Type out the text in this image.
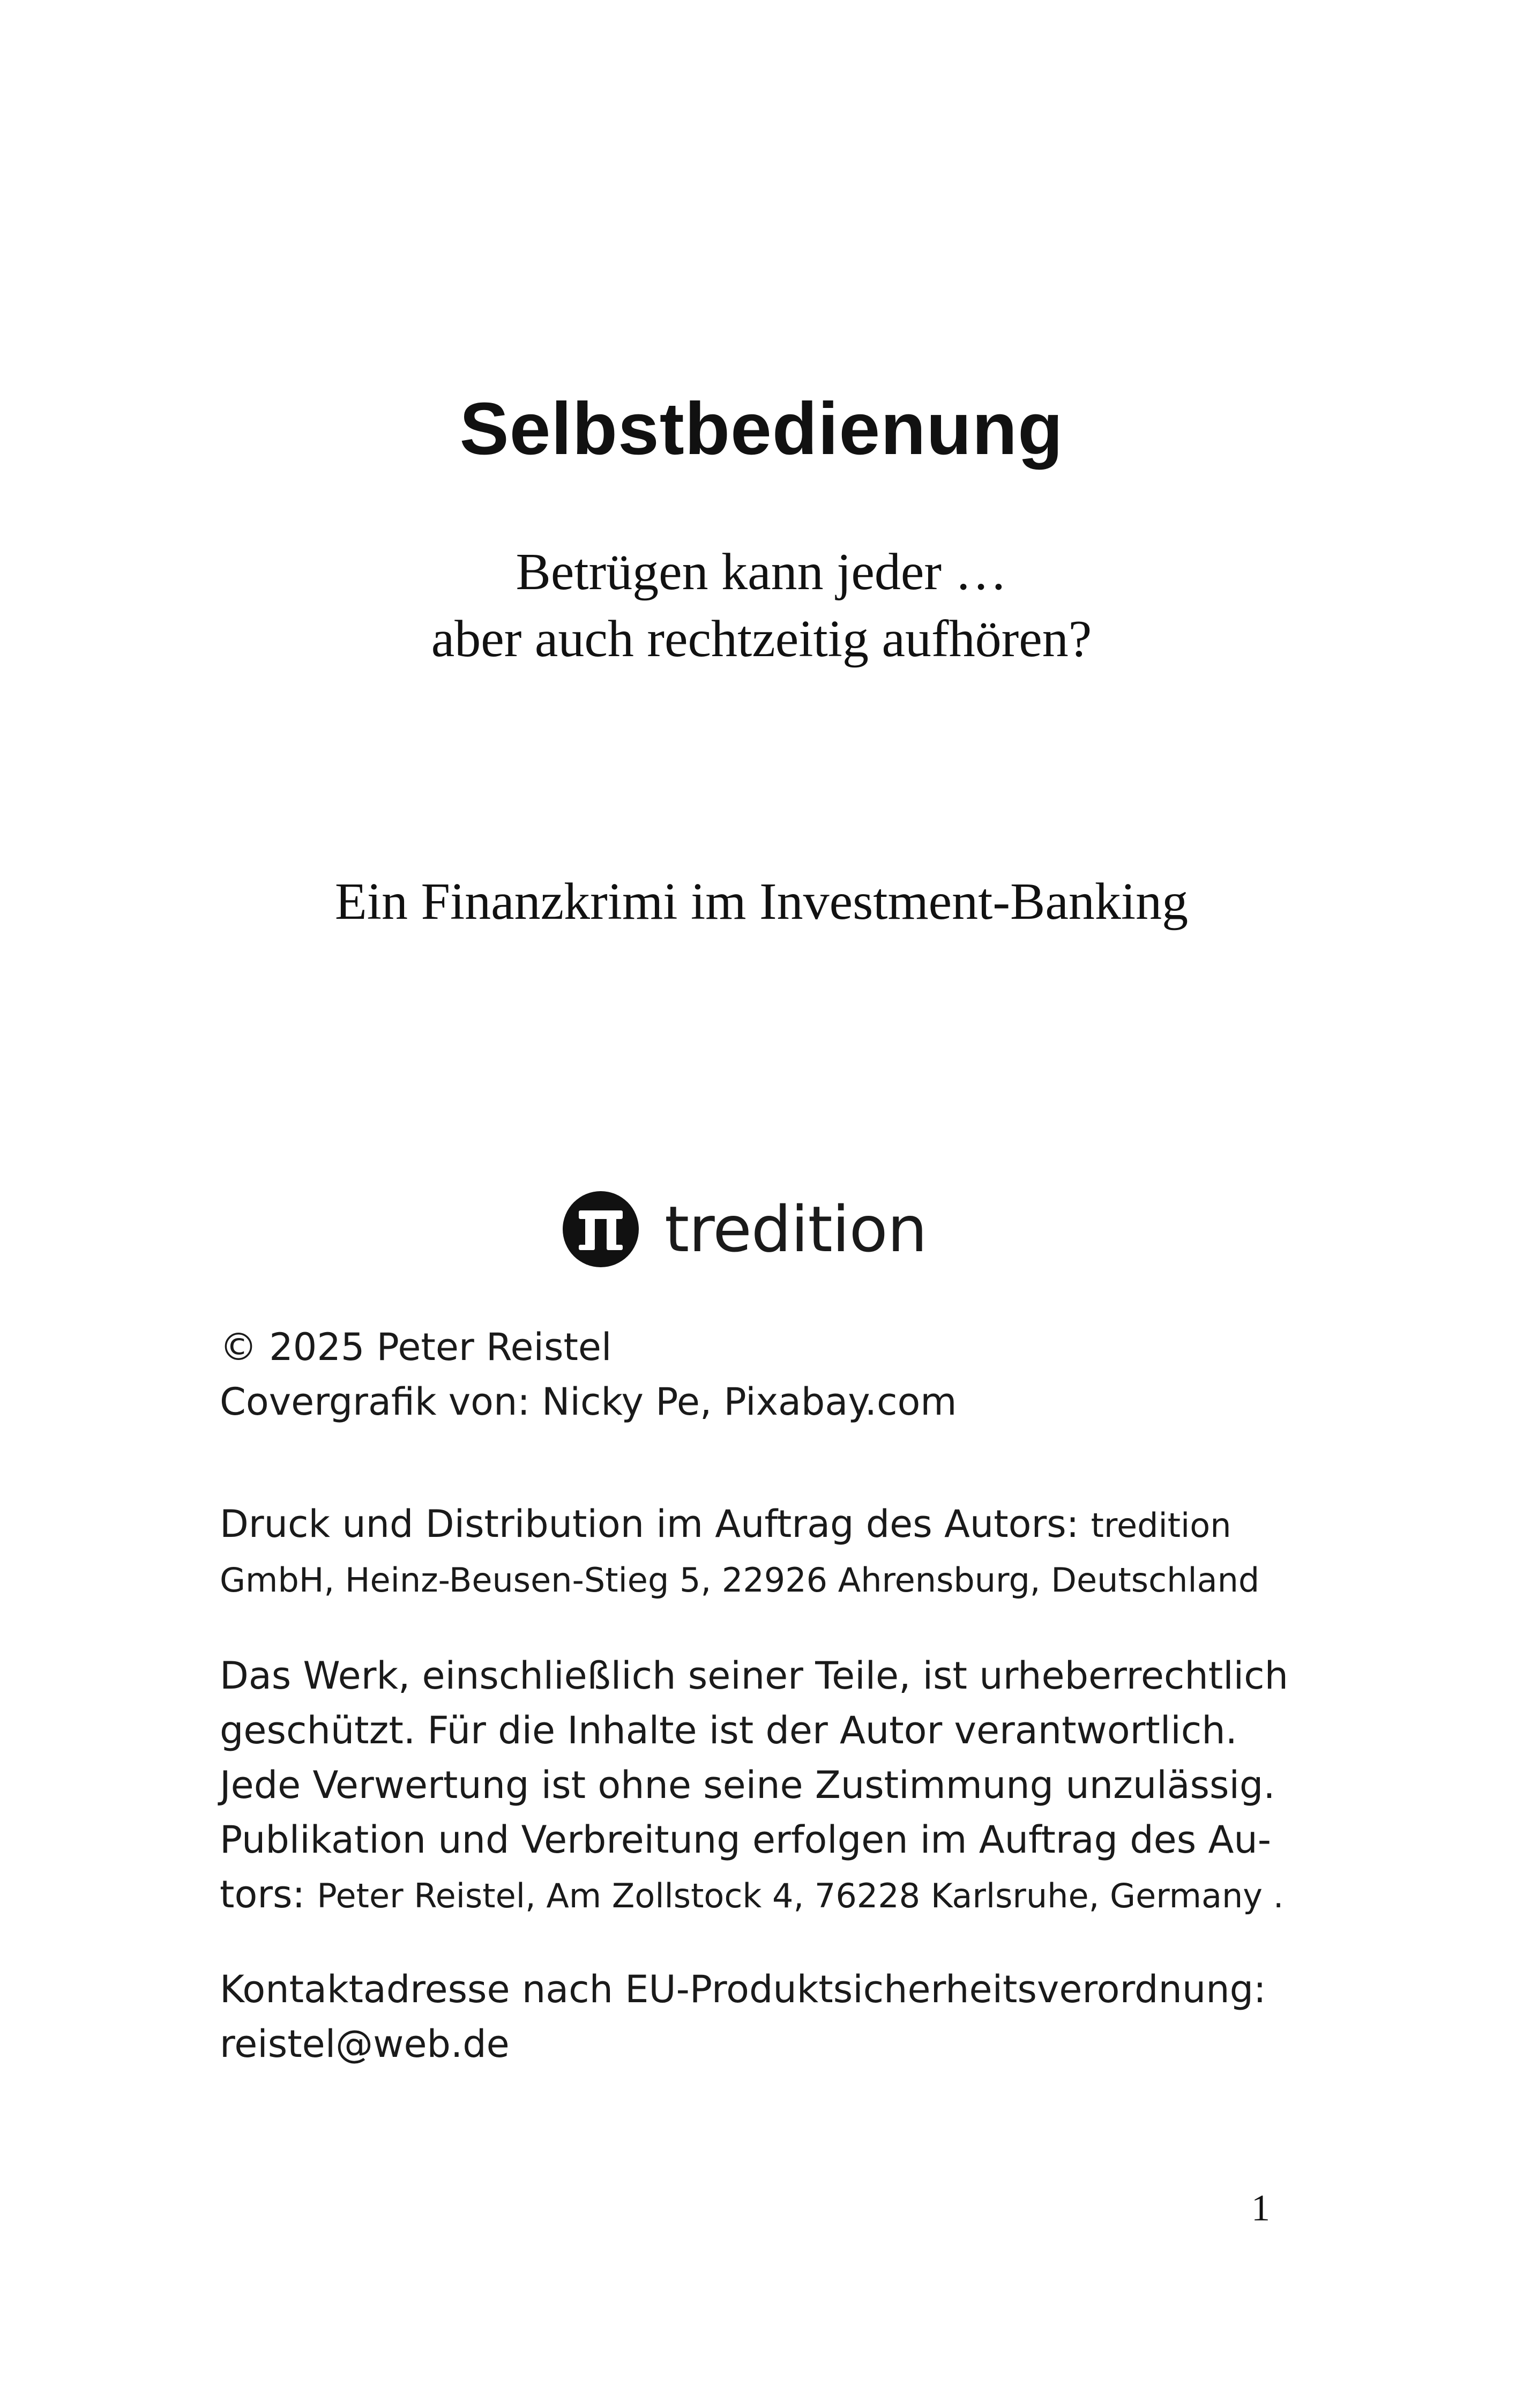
Selbstbedienung
Betrügen kann jeder …
aber auch rechtzeitig aufhören?
Ein Finanzkrimi im Investment-Banking
tredition
© 2025 Peter Reistel
Covergrafik von: Nicky Pe, Pixabay.com
Druck und Distribution im Auftrag des Autors: tredition
GmbH, Heinz-Beusen-Stieg 5, 22926 Ahrensburg, Deutschland
Das Werk, einschließlich seiner Teile, ist urheberrechtlich
geschützt. Für die Inhalte ist der Autor verantwortlich.
Jede Verwertung ist ohne seine Zustimmung unzulässig.
Publikation und Verbreitung erfolgen im Auftrag des Au-
tors: Peter Reistel, Am Zollstock 4, 76228 Karlsruhe, Germany .
Kontaktadresse nach EU-Produktsicherheitsverordnung:
reistel@web.de
1
